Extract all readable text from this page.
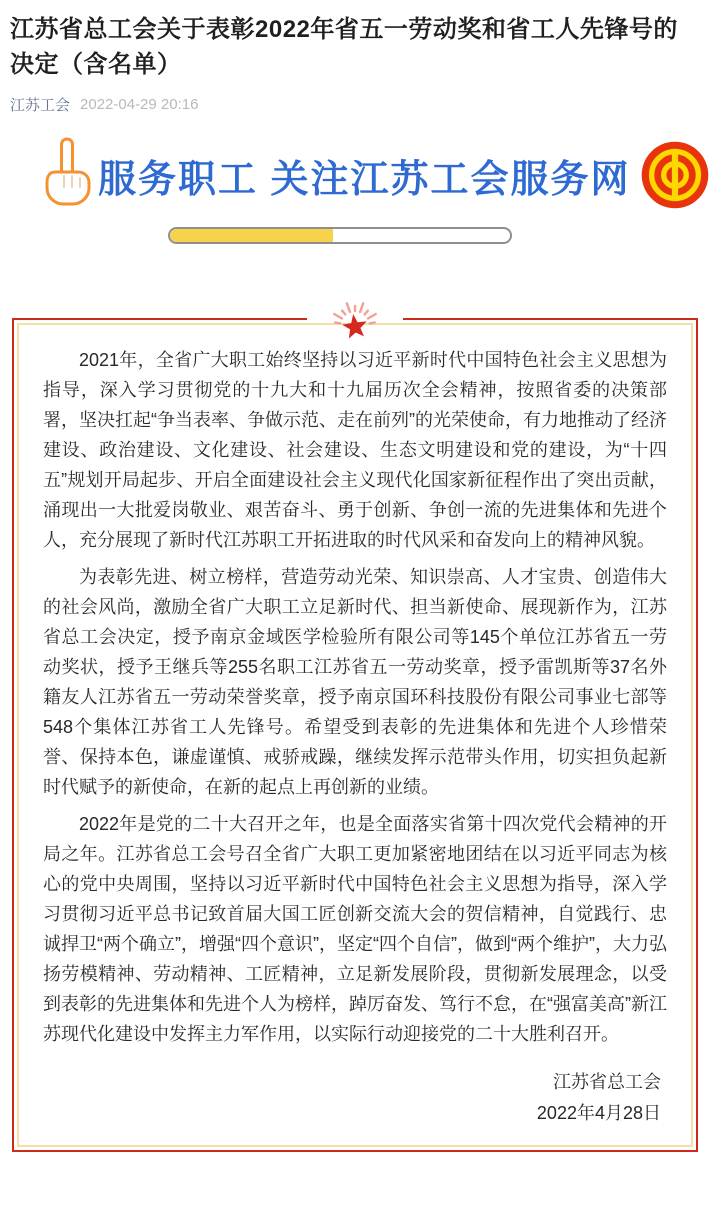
江苏省总工会关于表彰2022年省五一劳动奖和省工人先锋号的决定（含名单）
江苏工会 2022-04-29 20:16
服务职工 关注江苏工会服务网

2021年，全省广大职工始终坚持以习近平新时代中国特色社会主义思想为指导，深入学习贯彻党的十九大和十九届历次全会精神，按照省委的决策部署，坚决扛起“争当表率、争做示范、走在前列”的光荣使命，有力地推动了经济建设、政治建设、文化建设、社会建设、生态文明建设和党的建设，为“十四五”规划开局起步、开启全面建设社会主义现代化国家新征程作出了突出贡献，涌现出一大批爱岗敬业、艰苦奋斗、勇于创新、争创一流的先进集体和先进个人，充分展现了新时代江苏职工开拓进取的时代风采和奋发向上的精神风貌。

为表彰先进、树立榜样，营造劳动光荣、知识崇高、人才宝贵、创造伟大的社会风尚，激励全省广大职工立足新时代、担当新使命、展现新作为，江苏省总工会决定，授予南京金域医学检验所有限公司等145个单位江苏省五一劳动奖状，授予王继兵等255名职工江苏省五一劳动奖章，授予雷凯斯等37名外籍友人江苏省五一劳动荣誉奖章，授予南京国环科技股份有限公司事业七部等548个集体江苏省工人先锋号。希望受到表彰的先进集体和先进个人珍惜荣誉、保持本色，谦虚谨慎、戒骄戒躁，继续发挥示范带头作用，切实担负起新时代赋予的新使命，在新的起点上再创新的业绩。

2022年是党的二十大召开之年，也是全面落实省第十四次党代会精神的开局之年。江苏省总工会号召全省广大职工更加紧密地团结在以习近平同志为核心的党中央周围，坚持以习近平新时代中国特色社会主义思想为指导，深入学习贯彻习近平总书记致首届大国工匠创新交流大会的贺信精神，自觉践行、忠诚捍卫“两个确立”，增强“四个意识”，坚定“四个自信”，做到“两个维护”，大力弘扬劳模精神、劳动精神、工匠精神，立足新发展阶段，贯彻新发展理念，以受到表彰的先进集体和先进个人为榜样，踔厉奋发、笃行不怠，在“强富美高”新江苏现代化建设中发挥主力军作用，以实际行动迎接党的二十大胜利召开。

江苏省总工会
2022年4月28日
